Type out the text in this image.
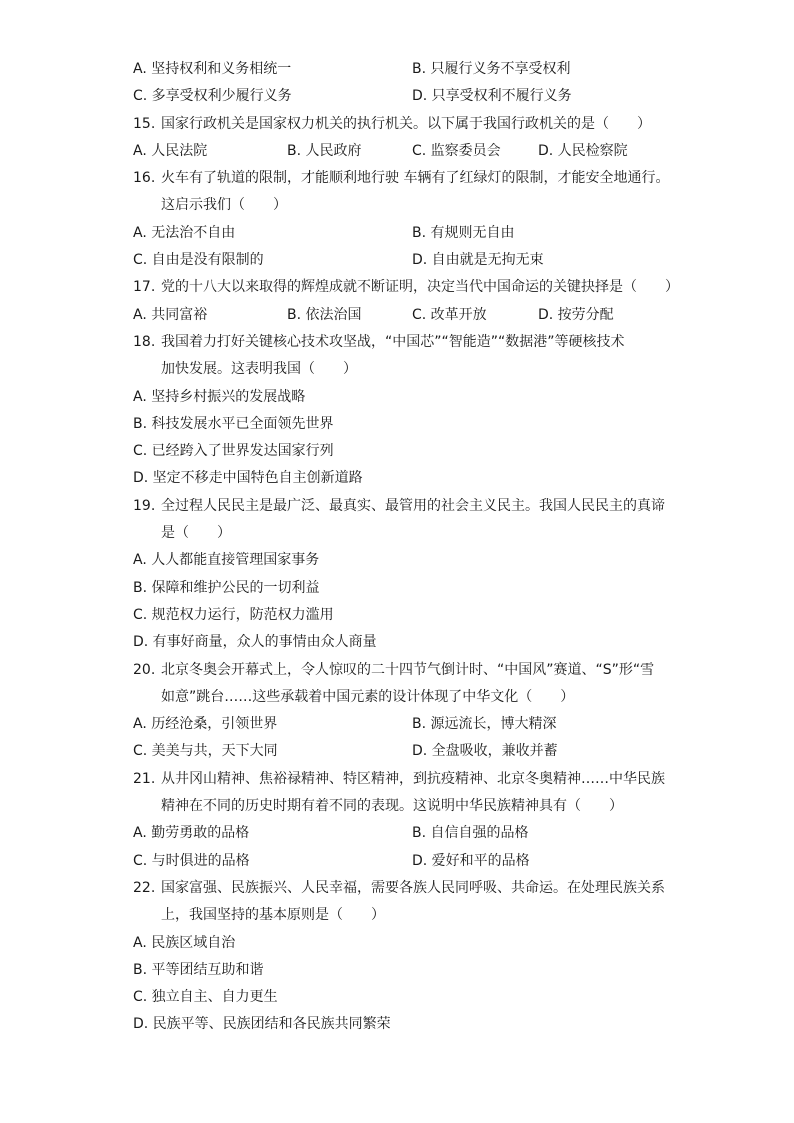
A. 坚持权利和义务相统一	B. 只履行义务不享受权利
C. 多享受权利少履行义务	D. 只享受权利不履行义务
15. 国家行政机关是国家权力机关的执行机关。以下属于我国行政机关的是（　　）
A. 人民法院	B. 人民政府	C. 监察委员会	D. 人民检察院
16. 火车有了轨道的限制，才能顺利地行驶 车辆有了红绿灯的限制，才能安全地通行。
这启示我们（　　）
A. 无法治不自由	B. 有规则无自由
C. 自由是没有限制的	D. 自由就是无拘无束
17. 党的十八大以来取得的辉煌成就不断证明，决定当代中国命运的关键抉择是（　　）
A. 共同富裕	B. 依法治国	C. 改革开放	D. 按劳分配
18. 我国着力打好关键核心技术攻坚战，“中国芯”“智能造”“数据港”等硬核技术
加快发展。这表明我国（　　）
A. 坚持乡村振兴的发展战略
B. 科技发展水平已全面领先世界
C. 已经跨入了世界发达国家行列
D. 坚定不移走中国特色自主创新道路
19. 全过程人民民主是最广泛、最真实、最管用的社会主义民主。我国人民民主的真谛
是（　　）
A. 人人都能直接管理国家事务
B. 保障和维护公民的一切利益
C. 规范权力运行，防范权力滥用
D. 有事好商量，众人的事情由众人商量
20. 北京冬奥会开幕式上，令人惊叹的二十四节气倒计时、“中国风”赛道、“S”形“雪
如意”跳台……这些承载着中国元素的设计体现了中华文化（　　）
A. 历经沧桑，引领世界	B. 源远流长，博大精深
C. 美美与共，天下大同	D. 全盘吸收，兼收并蓄
21. 从井冈山精神、焦裕禄精神、特区精神，到抗疫精神、北京冬奥精神……中华民族
精神在不同的历史时期有着不同的表现。这说明中华民族精神具有（　　）
A. 勤劳勇敢的品格	B. 自信自强的品格
C. 与时俱进的品格	D. 爱好和平的品格
22. 国家富强、民族振兴、人民幸福，需要各族人民同呼吸、共命运。在处理民族关系
上，我国坚持的基本原则是（　　）
A. 民族区域自治
B. 平等团结互助和谐
C. 独立自主、自力更生
D. 民族平等、民族团结和各民族共同繁荣
